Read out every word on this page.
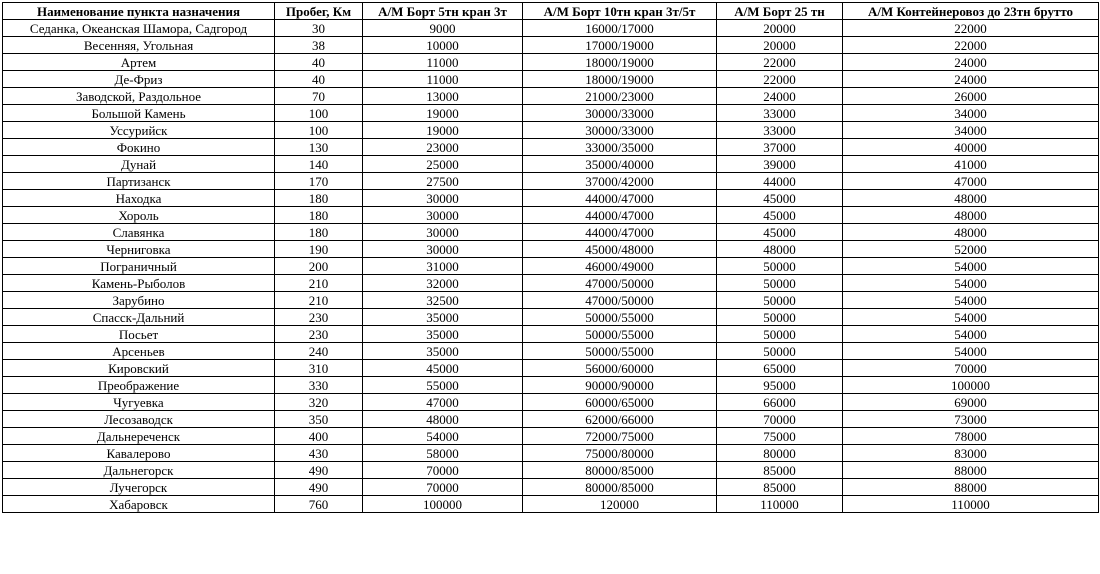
Наименование пункта назначения	Пробег, Км	А/М Борт 5тн кран 3т	А/М Борт 10тн кран 3т/5т	А/М Борт 25 тн	А/М Контейнеровоз до 23тн брутто
Седанка, Океанская Шамора, Садгород	30	9000	16000/17000	20000	22000
Весенняя, Угольная	38	10000	17000/19000	20000	22000
Артем	40	11000	18000/19000	22000	24000
Де-Фриз	40	11000	18000/19000	22000	24000
Заводской, Раздольное	70	13000	21000/23000	24000	26000
Большой Камень	100	19000	30000/33000	33000	34000
Уссурийск	100	19000	30000/33000	33000	34000
Фокино	130	23000	33000/35000	37000	40000
Дунай	140	25000	35000/40000	39000	41000
Партизанск	170	27500	37000/42000	44000	47000
Находка	180	30000	44000/47000	45000	48000
Хороль	180	30000	44000/47000	45000	48000
Славянка	180	30000	44000/47000	45000	48000
Черниговка	190	30000	45000/48000	48000	52000
Пограничный	200	31000	46000/49000	50000	54000
Камень-Рыболов	210	32000	47000/50000	50000	54000
Зарубино	210	32500	47000/50000	50000	54000
Спасск-Дальний	230	35000	50000/55000	50000	54000
Посьет	230	35000	50000/55000	50000	54000
Арсеньев	240	35000	50000/55000	50000	54000
Кировский	310	45000	56000/60000	65000	70000
Преображение	330	55000	90000/90000	95000	100000
Чугуевка	320	47000	60000/65000	66000	69000
Лесозаводск	350	48000	62000/66000	70000	73000
Дальнереченск	400	54000	72000/75000	75000	78000
Кавалерово	430	58000	75000/80000	80000	83000
Дальнегорск	490	70000	80000/85000	85000	88000
Лучегорск	490	70000	80000/85000	85000	88000
Хабаровск	760	100000	120000	110000	110000
